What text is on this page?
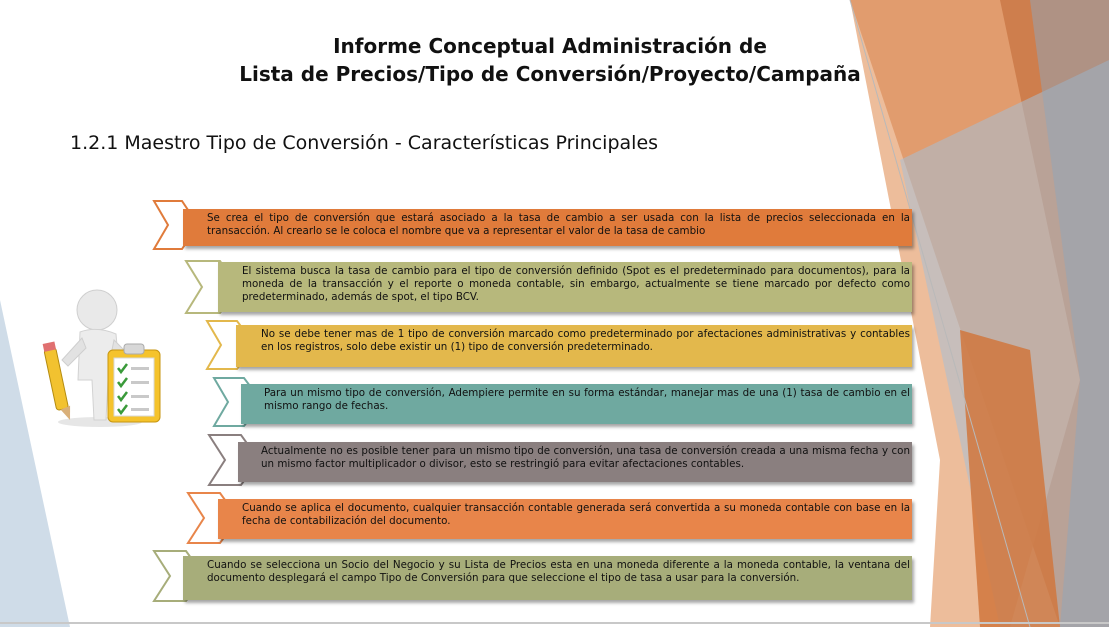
Informe Conceptual Administración de
Lista de Precios/Tipo de Conversión/Proyecto/Campaña
1.2.1 Maestro Tipo de Conversión - Características Principales

Se crea el tipo de conversión que estará asociado a la tasa de cambio a ser usada con la lista de precios seleccionada en la transacción. Al crearlo se le coloca el nombre que va a representar el valor de la tasa de cambio

El sistema busca la tasa de cambio para el tipo de conversión definido (Spot es el predeterminado para documentos), para la moneda de la transacción y el reporte o moneda contable, sin embargo, actualmente se tiene marcado por defecto como predeterminado, además de spot, el tipo BCV.

No se debe tener mas de 1 tipo de conversión marcado como predeterminado por afectaciones administrativas y contables en los registros, solo debe existir un (1) tipo de conversión predeterminado.

Para un mismo tipo de conversión, Adempiere permite en su forma estándar, manejar mas de una (1) tasa de cambio en el mismo rango de fechas.

Actualmente no es posible tener para un mismo tipo de conversión, una tasa de conversión creada a una misma fecha y con un mismo factor multiplicador o divisor, esto se restringió para evitar afectaciones contables.

Cuando se aplica el documento, cualquier transacción contable generada será convertida a su moneda contable con base en la fecha de contabilización del documento.

Cuando se selecciona un Socio del Negocio y su Lista de Precios esta en una moneda diferente a la moneda contable, la ventana del documento desplegará el campo Tipo de Conversión para que seleccione el tipo de tasa a usar para la conversión.
